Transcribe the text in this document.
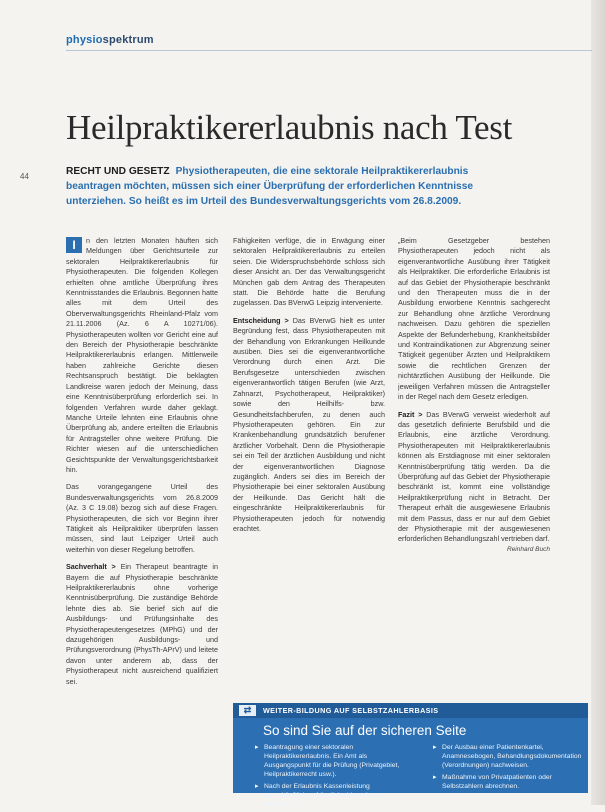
physiospektrum
44
Heilpraktikererlaubnis nach Test
RECHT UND GESETZ Physiotherapeuten, die eine sektorale Heilpraktikererlaubnis beantragen möchten, müssen sich einer Überprüfung der erforderlichen Kenntnisse unterziehen. So heißt es im Urteil des Bundesverwaltungsgerichts vom 26.8.2009.

I	n den letzten Monaten häuften sich Meldungen über Gerichtsurteile zur sektoralen Heilpraktikererlaubnis für Physiotherapeuten. Die folgenden Kollegen erhielten ohne amtliche Überprüfung ihres Kenntnisstandes die Erlaubnis. Begonnen hatte alles mit dem Urteil des Oberverwaltungsgerichts Rheinland-Pfalz vom 21.11.2006 (Az. 6 A 10271/06). Physiotherapeuten wollten vor Gericht eine auf den Bereich der Physiotherapie beschränkte Heilpraktikererlaubnis erlangen. Mittlerweile haben zahlreiche Gerichte diesen Rechtsanspruch bestätigt. Die beklagten Landkreise waren jedoch der Meinung, dass eine Kenntnisüberprüfung erforderlich sei. In folgenden Verfahren wurde daher geklagt. Manche Urteile lehnten eine Erlaubnis ohne Überprüfung ab, andere erteilten die Erlaubnis für Antragsteller ohne weitere Prüfung. Die Richter wiesen auf die unterschiedlichen Gesichtspunkte der Verwaltungsgerichtsbarkeit hin.

Das vorangegangene Urteil des Bundesverwaltungsgerichts vom 26.8.2009 (Az. 3 C 19.08) bezog sich auf diese Fragen. Physiotherapeuten, die sich vor Beginn ihrer Tätigkeit als Heilpraktiker überprüfen lassen müssen, sind laut Leipziger Urteil auch weiterhin von dieser Regelung betroffen.

Sachverhalt > Ein Therapeut beantragte in Bayern die auf Physiotherapie beschränkte Heilpraktikererlaubnis ohne vorherige Kenntnisüberprüfung. Die zuständige Behörde lehnte dies ab. Sie berief sich auf die Ausbildungs- und Prüfungsinhalte des Physiotherapeutengesetzes (MPhG) und der dazugehörigen Ausbildungs- und Prüfungsverordnung (PhysTh-APrV) und leitete davon unter anderem ab, dass der Physiotherapeut nicht ausreichend qualifiziert sei.

Fähigkeiten verfüge, die in Erwägung einer sektoralen Heilpraktikererlaubnis zu erteilen seien. Die Widerspruchsbehörde schloss sich dieser Ansicht an. Der das Verwaltungsgericht München gab dem Antrag des Therapeuten statt. Die Behörde hatte die Berufung zugelassen. Das BVerwG Leipzig intervenierte.

Entscheidung > Das BVerwG hielt es unter Begründung fest, dass Physiotherapeuten mit der Behandlung von Erkrankungen Heilkunde ausüben. Dies sei die eigenverantwortliche Verordnung durch einen Arzt. Die Berufsgesetze unterschieden zwischen eigenverantwortlich tätigen Berufen (wie Arzt, Zahnarzt, Psychotherapeut, Heilpraktiker) sowie den Heilhilfs- bzw. Gesundheitsfachberufen, zu denen auch Physiotherapeuten gehören. Ein zur Krankenbehandlung grundsätzlich berufener ärztlicher Vorbehalt. Denn die Physiotherapie sei ein Teil der ärztlichen Ausbildung und nicht der eigenverantwortlichen Diagnose zugänglich. Anders sei dies im Bereich der Physiotherapie bei einer sektoralen Ausübung der Heilkunde. Das Gericht hält die eingeschränkte Heilpraktikererlaubnis für Physiotherapeuten jedoch für notwendig erachtet.

„Beim Gesetzgeber bestehen Physiotherapeuten jedoch nicht als eigenverantwortliche Ausübung ihrer Tätigkeit als Heilpraktiker. Die erforderliche Erlaubnis ist auf das Gebiet der Physiotherapie beschränkt und den Therapeuten muss die in der Ausbildung erworbene Kenntnis sachgerecht zur Behandlung ohne ärztliche Verordnung nachweisen. Dazu gehören die speziellen Aspekte der Befunderhebung, Krankheitsbilder und Kontraindikationen zur Abgrenzung seiner Tätigkeit gegenüber Ärzten und Heilpraktikern sowie die rechtlichen Grenzen der nichtärztlichen Ausübung der Heilkunde. Die jeweiligen Verfahren müssen die Antragsteller in der Regel nach dem Gesetz erledigen.

Fazit > Das BVerwG verweist wiederholt auf das gesetzlich definierte Berufsbild und die Erlaubnis, eine ärztliche Verordnung. Physiotherapeuten mit Heilpraktikererlaubnis können als Erstdiagnose mit einer sektoralen Kenntnisüberprüfung tätig werden. Da die Überprüfung auf das Gebiet der Physiotherapie beschränkt ist, kommt eine vollständige Heilpraktikerprüfung nicht in Betracht. Der Therapeut erhält die ausgewiesene Erlaubnis mit dem Passus, dass er nur auf dem Gebiet der Physiotherapie mit der ausgewiesenen erforderlichen Behandlungszahl vertrieben darf.
Reinhard Buch

⇄	WEITER-BILDUNG AUF SELBSTZAHLERBASIS
So sind Sie auf der sicheren Seite
▸ Beantragung einer sektoralen Heilpraktikererlaubnis. Ein Amt als Ausgangspunkt für die Prüfung (Privatgebiet, Heilpraktikerrecht usw.).
▸ Nach der Erlaubnis Kassenleistung ausschließlich auf ärztliche Verordnung durchführen.
▸ Der Ausbau einer Patientenkartei, Anamnesebogen, Behandlungsdokumentation (Verordnungen) nachweisen.
▸ Maßnahme von Privatpatienten oder Selbstzahlern abrechnen.
